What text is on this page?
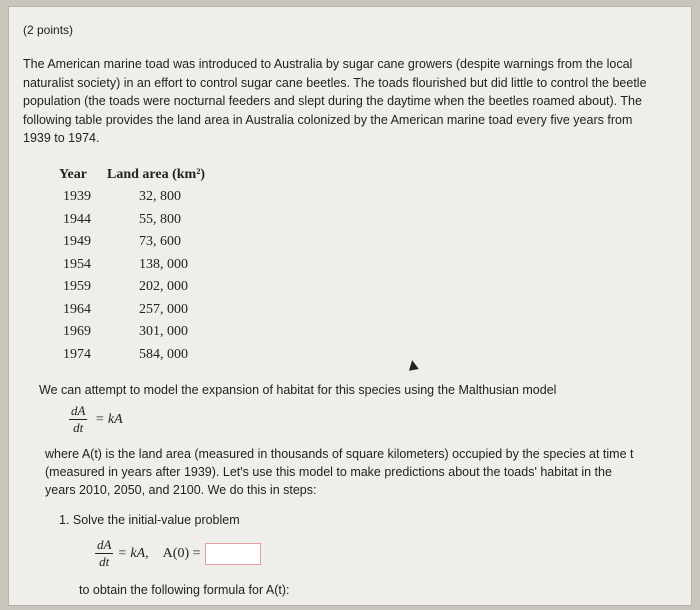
(2 points)
The American marine toad was introduced to Australia by sugar cane growers (despite warnings from the local naturalist society) in an effort to control sugar cane beetles. The toads flourished but did little to control the beetle population (the toads were nocturnal feeders and slept during the daytime when the beetles roamed about). The following table provides the land area in Australia colonized by the American marine toad every five years from 1939 to 1974.
Year Land area (km²)
1939	32, 800
1944	55, 800
1949	73, 600
1954	138, 000
1959	202, 000
1964	257, 000
1969	301, 000
1974	584, 000
We can attempt to model the expansion of habitat for this species using the Malthusian model
$\frac{dA}{dt}$ = kA
where A(t) is the land area (measured in thousands of square kilometers) occupied by the species at time t (measured in years after 1939). Let's use this model to make predictions about the toads' habitat in the years 2010, 2050, and 2100. We do this in steps:
1. Solve the initial-value problem
$\frac{dA}{dt}$ = kA, A(0) =
to obtain the following formula for A(t):
